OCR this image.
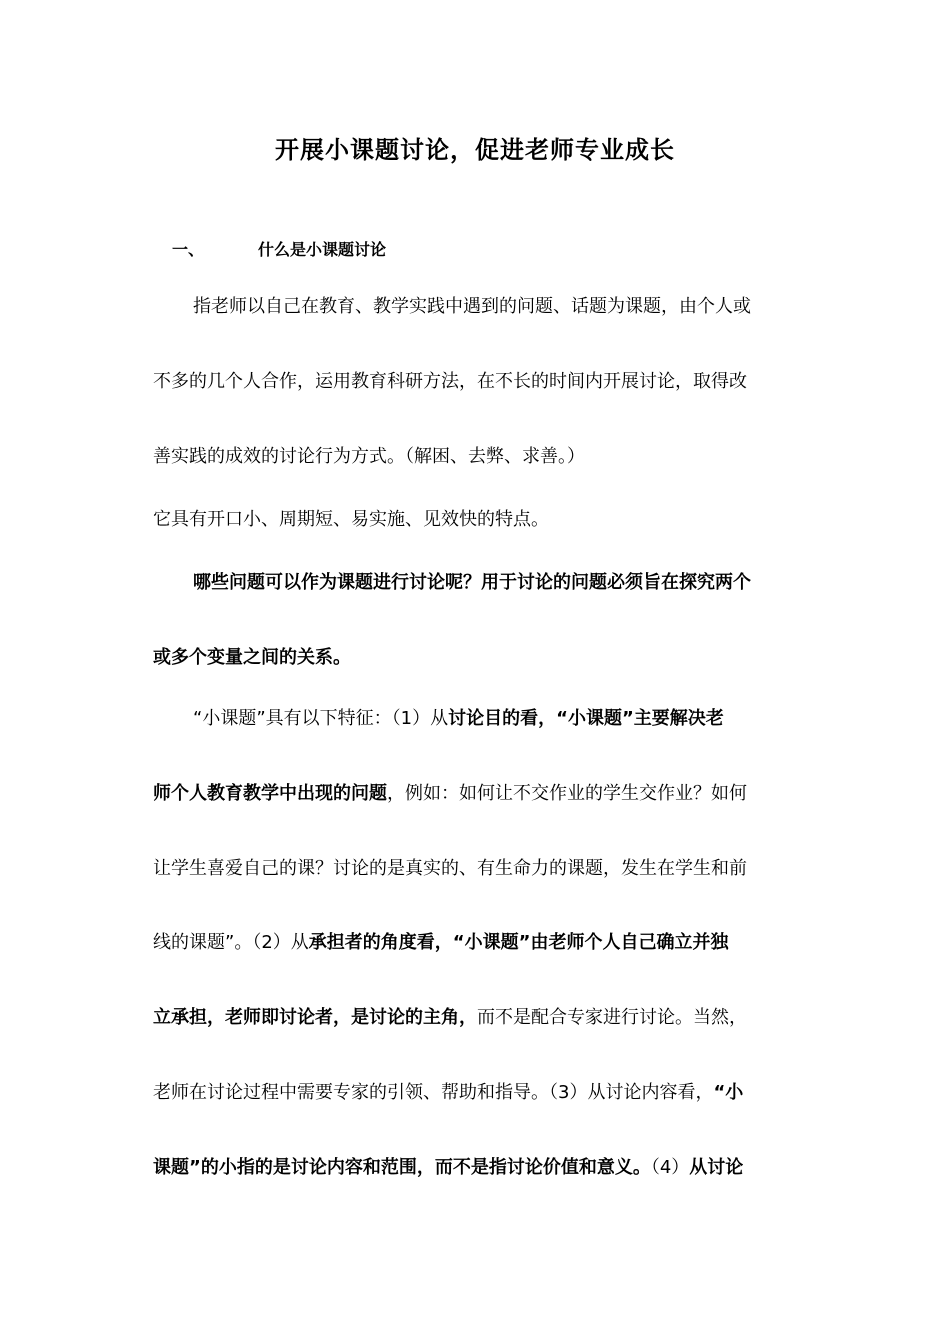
开展小课题讨论，促进老师专业成长
一、	什么是小课题讨论
指老师以自己在教育、教学实践中遇到的问题、话题为课题，由个人或
不多的几个人合作，运用教育科研方法，在不长的时间内开展讨论，取得改
善实践的成效的讨论行为方式。（解困、去弊、求善。）
它具有开口小、周期短、易实施、见效快的特点。
哪些问题可以作为课题进行讨论呢？用于讨论的问题必须旨在探究两个
或多个变量之间的关系。
“小课题”具有以下特征：（1）从讨论目的看，“小课题”主要解决老
师个人教育教学中出现的问题，例如：如何让不交作业的学生交作业？如何
让学生喜爱自己的课？讨论的是真实的、有生命力的课题，发生在学生和前
线的课题”。（2）从承担者的角度看，“小课题”由老师个人自己确立并独
立承担，老师即讨论者，是讨论的主角，而不是配合专家进行讨论。当然，
老师在讨论过程中需要专家的引领、帮助和指导。（3）从讨论内容看，“小
课题”的小指的是讨论内容和范围，而不是指讨论价值和意义。（4）从讨论
